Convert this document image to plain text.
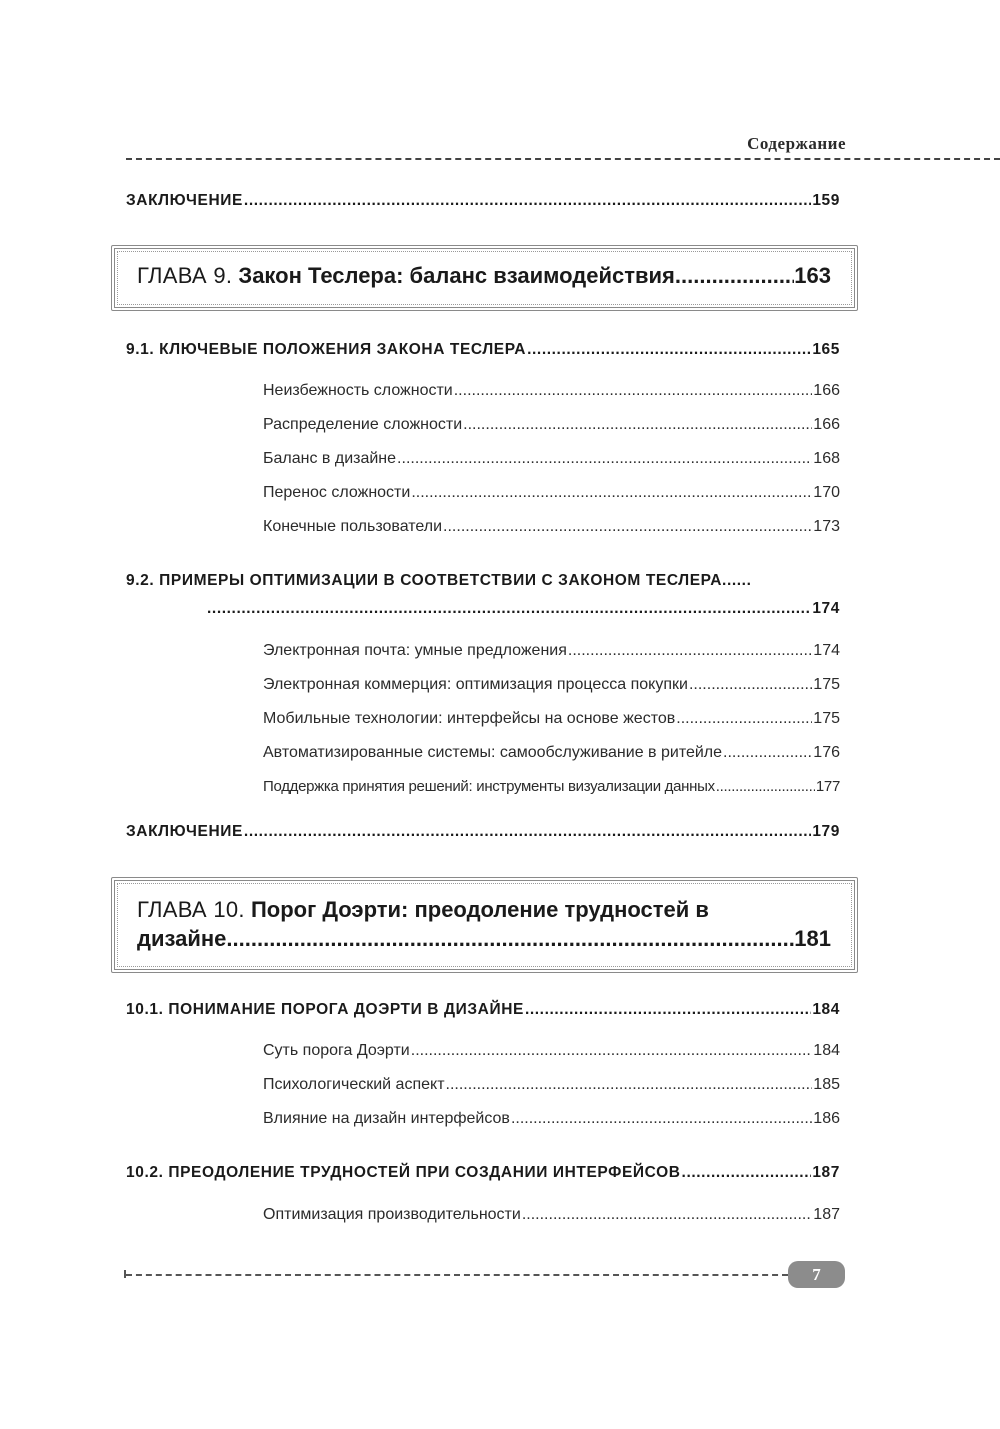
Содержание
ЗАКЛЮЧЕНИЕ .....	159
ГЛАВА 9.
Закон Теслера: баланс взаимодействия .....	163
9.1. КЛЮЧЕВЫЕ ПОЛОЖЕНИЯ ЗАКОНА ТЕСЛЕРА .....	165
Неизбежность сложности .....	166
Распределение сложности .....	166
Баланс в дизайне .....	168
Перенос сложности .....	170
Конечные пользователи .....	173
9.2. ПРИМЕРЫ ОПТИМИЗАЦИИ В СООТВЕТСТВИИ С ЗАКОНОМ ТЕСЛЕРА......
.....
174
Электронная почта: умные предложения .....	174
Электронная коммерция: оптимизация процесса покупки .....	175
Мобильные технологии: интерфейсы на основе жестов .....	175
Автоматизированные системы: самообслуживание в ритейле .....	176
Поддержка принятия решений: инструменты визуализации данных .....	177
ЗАКЛЮЧЕНИЕ .....	179
ГЛАВА 10.
Порог Доэрти: преодоление трудностей в
дизайне .....	181
10.1. ПОНИМАНИЕ ПОРОГА ДОЭРТИ В ДИЗАЙНЕ .....	184
Суть порога Доэрти .....	184
Психологический аспект .....	185
Влияние на дизайн интерфейсов .....	186
10.2. ПРЕОДОЛЕНИЕ ТРУДНОСТЕЙ ПРИ СОЗДАНИИ ИНТЕРФЕЙСОВ .....	187
Оптимизация производительности .....	187
7
